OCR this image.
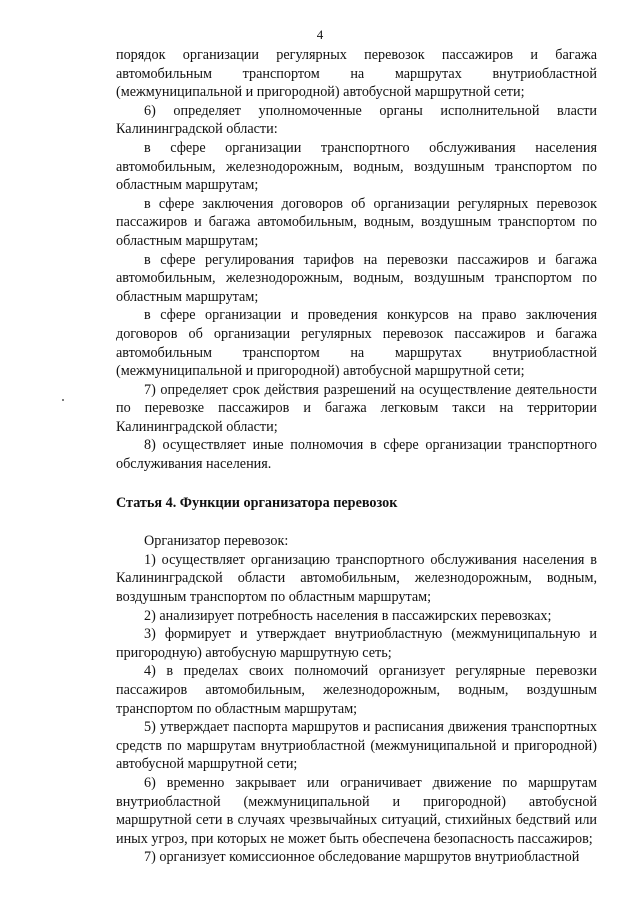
4

порядок организации регулярных перевозок пассажиров и багажа автомобильным транспортом на маршрутах внутриобластной (межмуниципальной и пригородной) автобусной маршрутной сети;

6) определяет уполномоченные органы исполнительной власти Калининградской области:

в сфере организации транспортного обслуживания населения автомобильным, железнодорожным, водным, воздушным транспортом по областным маршрутам;

в сфере заключения договоров об организации регулярных перевозок пассажиров и багажа автомобильным, водным, воздушным транспортом по областным маршрутам;

в сфере регулирования тарифов на перевозки пассажиров и багажа автомобильным, железнодорожным, водным, воздушным транспортом по областным маршрутам;

в сфере организации и проведения конкурсов на право заключения договоров об организации регулярных перевозок пассажиров и багажа автомобильным транспортом на маршрутах внутриобластной (межмуниципальной и пригородной) автобусной маршрутной сети;

7) определяет срок действия разрешений на осуществление деятельности по перевозке пассажиров и багажа легковым такси на территории Калининградской области;

8) осуществляет иные полномочия в сфере организации транспортного обслуживания населения.

Статья 4. Функции организатора перевозок

Организатор перевозок:

1) осуществляет организацию транспортного обслуживания населения в Калининградской области автомобильным, железнодорожным, водным, воздушным транспортом по областным маршрутам;

2) анализирует потребность населения в пассажирских перевозках;

3) формирует и утверждает внутриобластную (межмуниципальную и пригородную) автобусную маршрутную сеть;

4) в пределах своих полномочий организует регулярные перевозки пассажиров автомобильным, железнодорожным, водным, воздушным транспортом по областным маршрутам;

5) утверждает паспорта маршрутов и расписания движения транспортных средств по маршрутам внутриобластной (межмуниципальной и пригородной) автобусной маршрутной сети;

6) временно закрывает или ограничивает движение по маршрутам внутриобластной (межмуниципальной и пригородной) автобусной маршрутной сети в случаях чрезвычайных ситуаций, стихийных бедствий или иных угроз, при которых не может быть обеспечена безопасность пассажиров;

7) организует комиссионное обследование маршрутов внутриобластной
